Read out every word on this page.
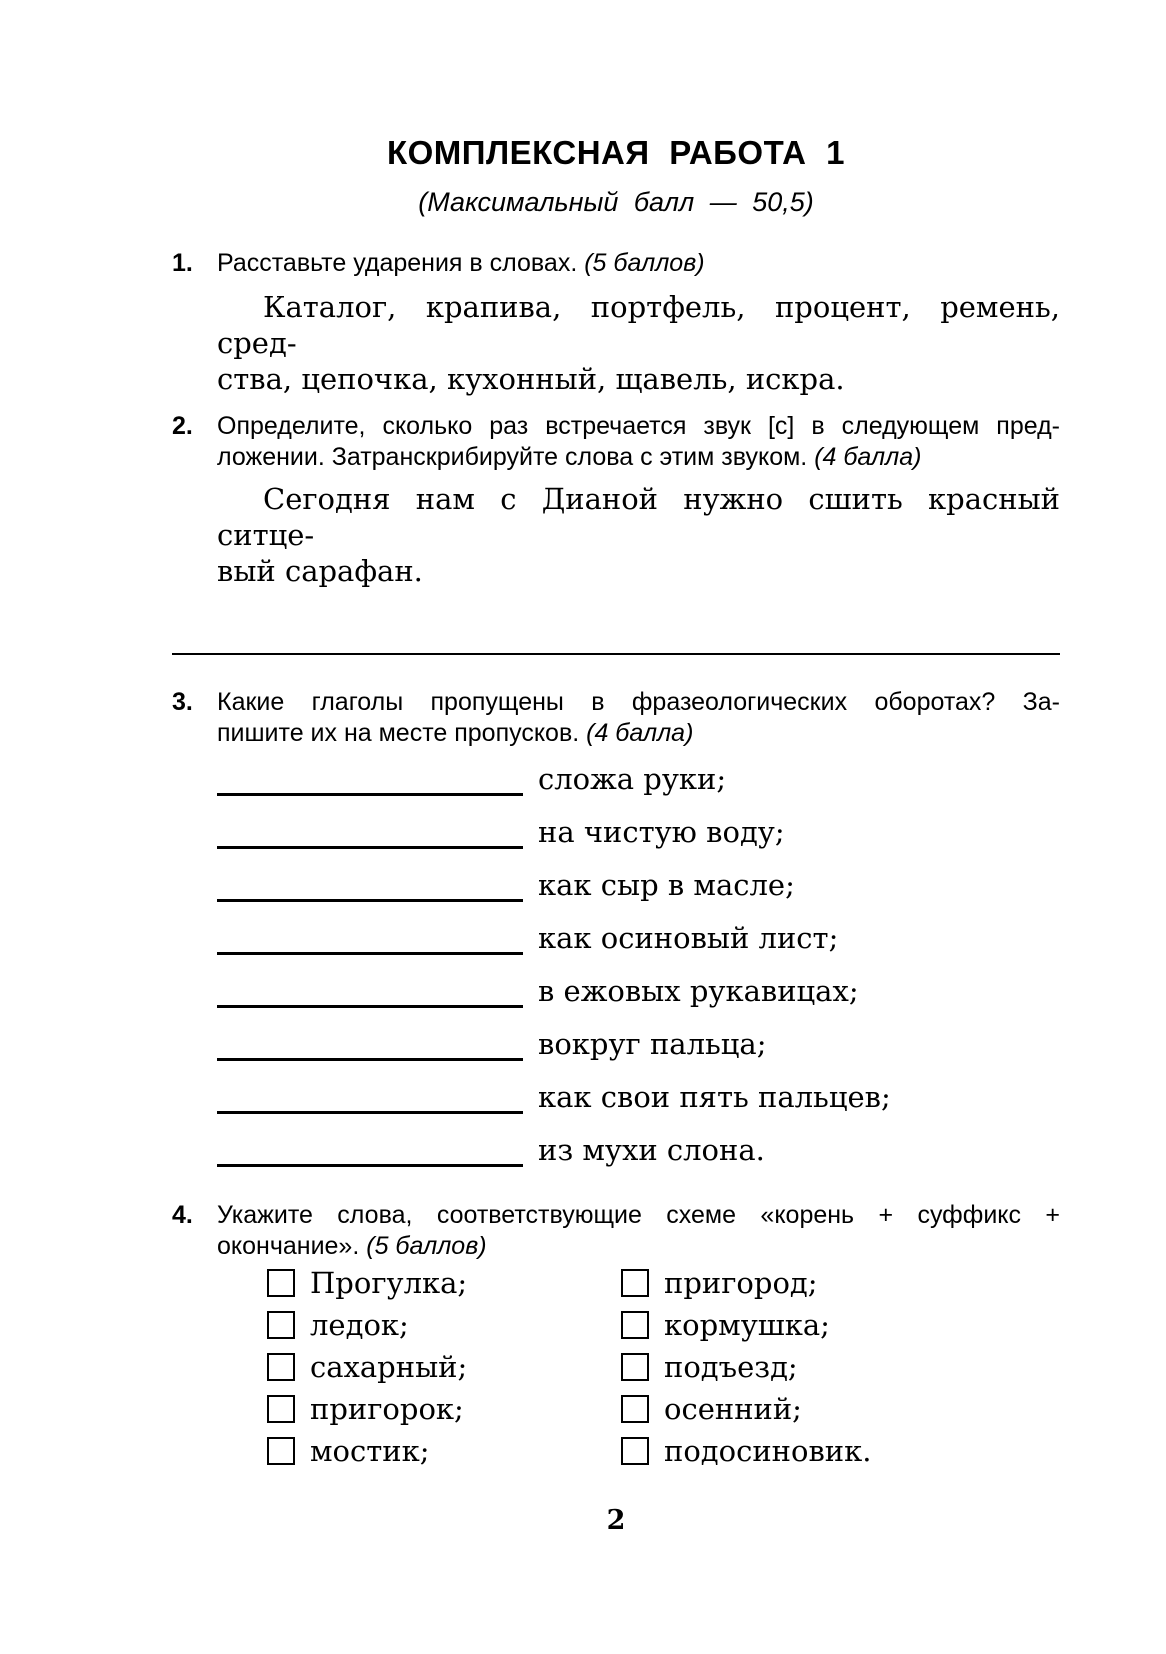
КОМПЛЕКСНАЯ РАБОТА 1
(Максимальный балл — 50,5)
1. Расставьте ударения в словах. (5 баллов)
Каталог, крапива, портфель, процент, ремень, сред-
ства, цепочка, кухонный, щавель, искра.
2. Определите, сколько раз встречается звук [с] в следующем пред-
ложении. Затранскрибируйте слова с этим звуком. (4 балла)
Сегодня нам с Дианой нужно сшить красный ситце-
вый сарафан.
3. Какие глаголы пропущены в фразеологических оборотах? За-
пишите их на месте пропусков. (4 балла)
сложа руки;
на чистую воду;
как сыр в масле;
как осиновый лист;
в ежовых рукавицах;
вокруг пальца;
как свои пять пальцев;
из мухи слона.
4. Укажите слова, соответствующие схеме «корень + суффикс +
окончание». (5 баллов)
Прогулка;
ледок;
сахарный;
пригорок;
мостик;
пригород;
кормушка;
подъезд;
осенний;
подосиновик.
2
